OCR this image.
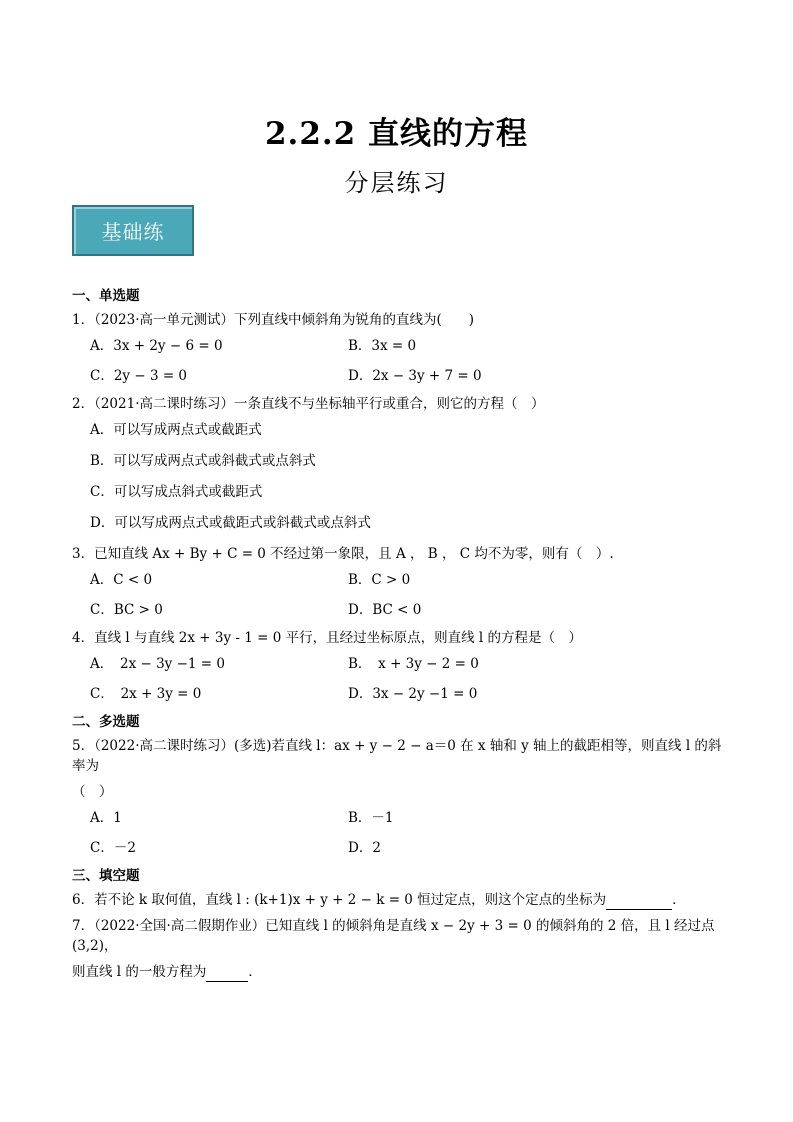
2.2.2 直线的方程
分层练习
基础练
一、单选题
1．（2023·高一单元测试）下列直线中倾斜角为锐角的直线为(　　)
A．3x + 2y − 6 = 0	B．3x = 0
C．2y − 3 = 0	D．2x − 3y + 7 = 0
2．（2021·高二课时练习）一条直线不与坐标轴平行或重合，则它的方程（　）
A．可以写成两点式或截距式
B．可以写成两点式或斜截式或点斜式
C．可以写成点斜式或截距式
D．可以写成两点式或截距式或斜截式或点斜式
3．已知直线 Ax + By + C = 0 不经过第一象限，且 A ， B ， C 均不为零，则有（　）.
A．C < 0	B．C > 0
C．BC > 0	D．BC < 0
4．直线 l 与直线 2x + 3y - 1 = 0 平行，且经过坐标原点，则直线 l 的方程是（　）
A．　2x − 3y −1 = 0	B．　x + 3y − 2 = 0
C．　2x + 3y = 0	D．3x − 2y −1 = 0
二、多选题
5．（2022·高二课时练习）(多选)若直线 l：ax + y − 2 − a＝0 在 x 轴和 y 轴上的截距相等，则直线 l 的斜率为
（　）
A．1	B．－1
C．－2	D．2
三、填空题
6．若不论 k 取何值，直线 l : (k+1)x + y + 2 − k = 0 恒过定点，则这个定点的坐标为	．
7．（2022·全国·高二假期作业）已知直线 l 的倾斜角是直线 x − 2y + 3 = 0 的倾斜角的 2 倍，且 l 经过点 (3,2)，
则直线 l 的一般方程为	．
